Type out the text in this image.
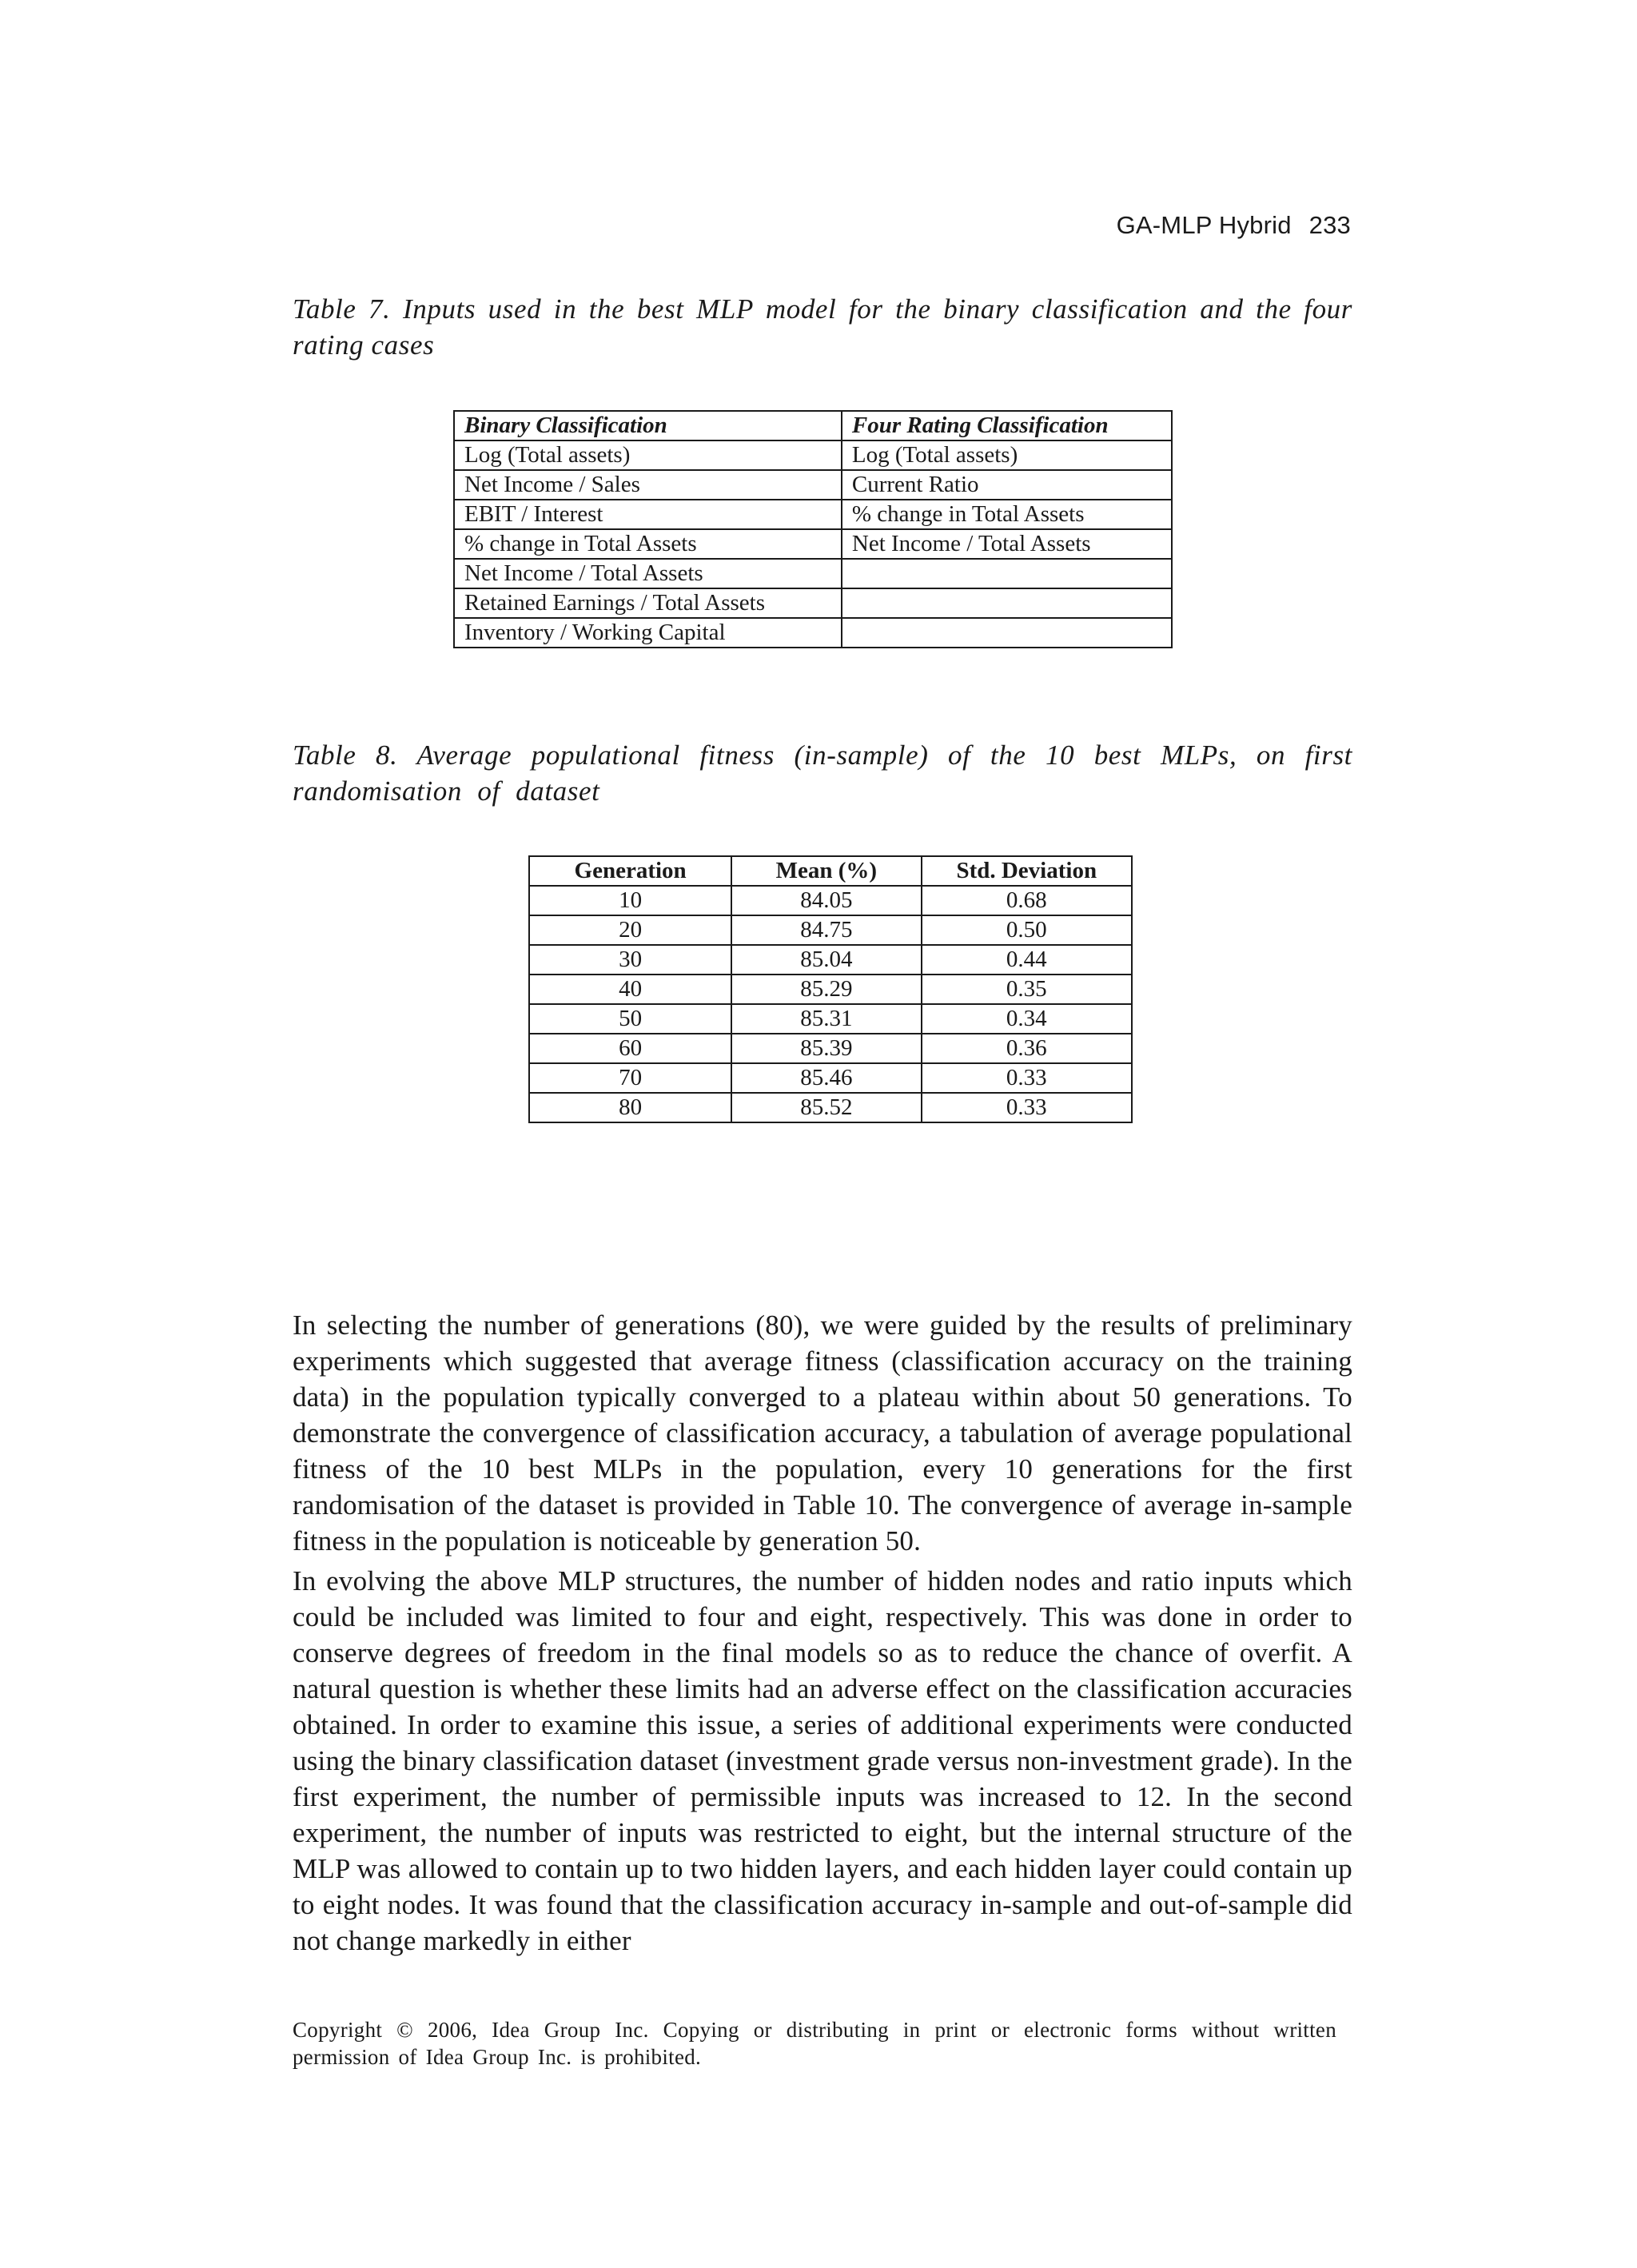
GA-MLP Hybrid 233
Table 7. Inputs used in the best MLP model for the binary classification and the four rating cases
Binary Classification	Four Rating Classification
Log (Total assets)	Log (Total assets)
Net Income / Sales	Current Ratio
EBIT / Interest	% change in Total Assets
% change in Total Assets	Net Income / Total Assets
Net Income / Total Assets	
Retained Earnings / Total Assets	
Inventory / Working Capital	
Table 8. Average populational fitness (in-sample) of the 10 best MLPs, on first randomisation of dataset
Generation	Mean (%)	Std. Deviation
10	84.05	0.68
20	84.75	0.50
30	85.04	0.44
40	85.29	0.35
50	85.31	0.34
60	85.39	0.36
70	85.46	0.33
80	85.52	0.33

In selecting the number of generations (80), we were guided by the results of preliminary experiments which suggested that average fitness (classification accuracy on the training data) in the population typically converged to a plateau within about 50 generations. To demonstrate the convergence of classification accuracy, a tabulation of average populational fitness of the 10 best MLPs in the population, every 10 generations for the first randomisation of the dataset is provided in Table 10. The convergence of average in-sample fitness in the population is noticeable by generation 50.

In evolving the above MLP structures, the number of hidden nodes and ratio inputs which could be included was limited to four and eight, respectively. This was done in order to conserve degrees of freedom in the final models so as to reduce the chance of overfit. A natural question is whether these limits had an adverse effect on the classification accuracies obtained. In order to examine this issue, a series of additional experiments were conducted using the binary classification dataset (investment grade versus non-investment grade). In the first experiment, the number of permissible inputs was increased to 12. In the second experiment, the number of inputs was restricted to eight, but the internal structure of the MLP was allowed to contain up to two hidden layers, and each hidden layer could contain up to eight nodes. It was found that the classification accuracy in-sample and out-of-sample did not change markedly in either

Copyright © 2006, Idea Group Inc. Copying or distributing in print or electronic forms without written permission of Idea Group Inc. is prohibited.
